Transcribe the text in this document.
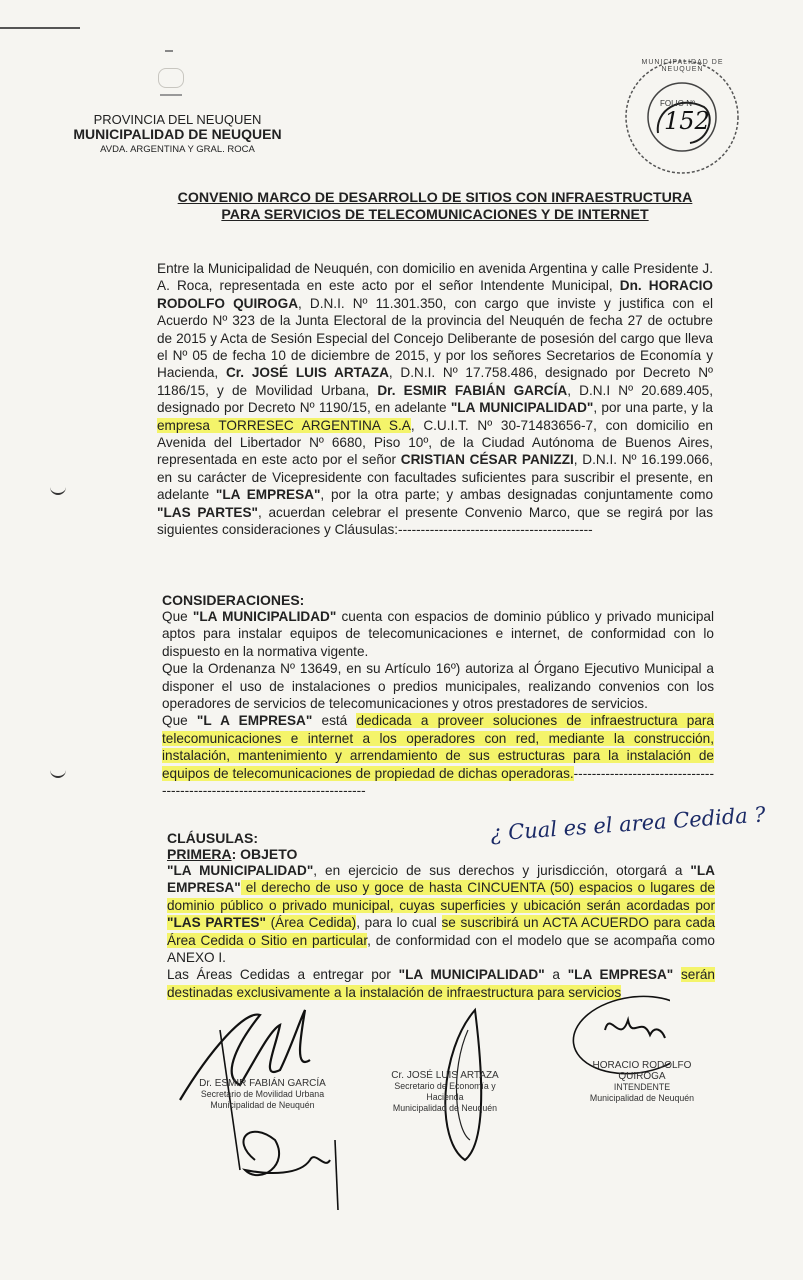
PROVINCIA DEL NEUQUEN
MUNICIPALIDAD DE NEUQUEN
AVDA. ARGENTINA Y GRAL. ROCA
MUNICIPALIDAD DE NEUQUEN
FOLIO Nº
152
CONVENIO MARCO DE DESARROLLO DE SITIOS CON INFRAESTRUCTURA
PARA SERVICIOS DE TELECOMUNICACIONES Y DE INTERNET
Entre la Municipalidad de Neuquén, con domicilio en avenida Argentina y calle Presidente J. A. Roca, representada en este acto por el señor Intendente Municipal, Dn. HORACIO RODOLFO QUIROGA, D.N.I. Nº 11.301.350, con cargo que inviste y justifica con el Acuerdo Nº 323 de la Junta Electoral de la provincia del Neuquén de fecha 27 de octubre de 2015 y Acta de Sesión Especial del Concejo Deliberante de posesión del cargo que lleva el Nº 05 de fecha 10 de diciembre de 2015, y por los señores Secretarios de Economía y Hacienda, Cr. JOSÉ LUIS ARTAZA, D.N.I. Nº 17.758.486, designado por Decreto Nº 1186/15, y de Movilidad Urbana, Dr. ESMIR FABIÁN GARCÍA, D.N.I Nº 20.689.405, designado por Decreto Nº 1190/15, en adelante "LA MUNICIPALIDAD", por una parte, y la empresa TORRESEC ARGENTINA S.A, C.U.I.T. Nº 30-71483656-7, con domicilio en Avenida del Libertador Nº 6680, Piso 10º, de la Ciudad Autónoma de Buenos Aires, representada en este acto por el señor CRISTIAN CÉSAR PANIZZI, D.N.I. Nº 16.199.066, en su carácter de Vicepresidente con facultades suficientes para suscribir el presente, en adelante "LA EMPRESA", por la otra parte; y ambas designadas conjuntamente como "LAS PARTES", acuerdan celebrar el presente Convenio Marco, que se regirá por las siguientes consideraciones y Cláusulas:-------------------------------------------
CONSIDERACIONES:
Que "LA MUNICIPALIDAD" cuenta con espacios de dominio público y privado municipal aptos para instalar equipos de telecomunicaciones e internet, de conformidad con lo dispuesto en la normativa vigente.
Que la Ordenanza Nº 13649, en su Artículo 16º) autoriza al Órgano Ejecutivo Municipal a disponer el uso de instalaciones o predios municipales, realizando convenios con los operadores de servicios de telecomunicaciones y otros prestadores de servicios.
Que "L A EMPRESA" está dedicada a proveer soluciones de infraestructura para telecomunicaciones e internet a los operadores con red, mediante la construcción, instalación, mantenimiento y arrendamiento de sus estructuras para la instalación de equipos de telecomunicaciones de propiedad de dichas operadoras.----------------------------------------------------------------------------
¿ Cual es el area Cedida ?
CLÁUSULAS:
PRIMERA: OBJETO
"LA MUNICIPALIDAD", en ejercicio de sus derechos y jurisdicción, otorgará a "LA EMPRESA" el derecho de uso y goce de hasta CINCUENTA (50) espacios o lugares de dominio público o privado municipal, cuyas superficies y ubicación serán acordadas por "LAS PARTES" (Área Cedida), para lo cual se suscribirá un ACTA ACUERDO para cada Área Cedida o Sitio en particular, de conformidad con el modelo que se acompaña como ANEXO I.
Las Áreas Cedidas a entregar por "LA MUNICIPALIDAD" a "LA EMPRESA" serán destinadas exclusivamente a la instalación de infraestructura para servicios
Dr. ESMIR FABIÁN GARCÍA
Secretario de Movilidad Urbana
Municipalidad de Neuquén
Cr. JOSÉ LUIS ARTAZA
Secretario de Economía y Hacienda
Municipalidad de Neuquén
HORACIO RODOLFO QUIROGA
INTENDENTE
Municipalidad de Neuquén
